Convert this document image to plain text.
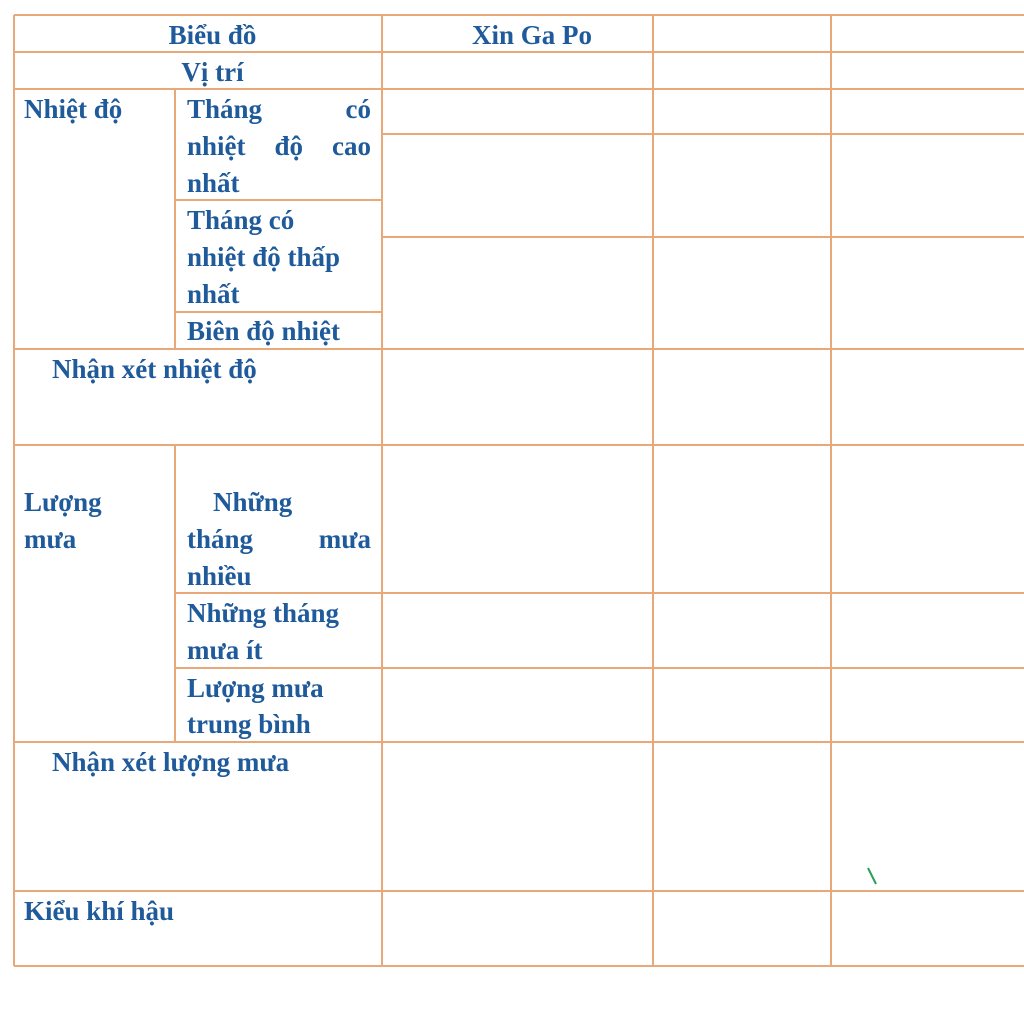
Biểu đồ	Xin Ga Po
Vị trí
Nhiệt độ Tháng	có
nhiệt độ cao
nhất
Tháng có
nhiệt độ thấp
nhất
Biên độ nhiệt
Nhận xét nhiệt độ
Lượng
mưa
Những
tháng mưa
nhiều
Những tháng
mưa ít
Lượng mưa
trung bình
Nhận xét lượng mưa
Kiểu khí hậu
